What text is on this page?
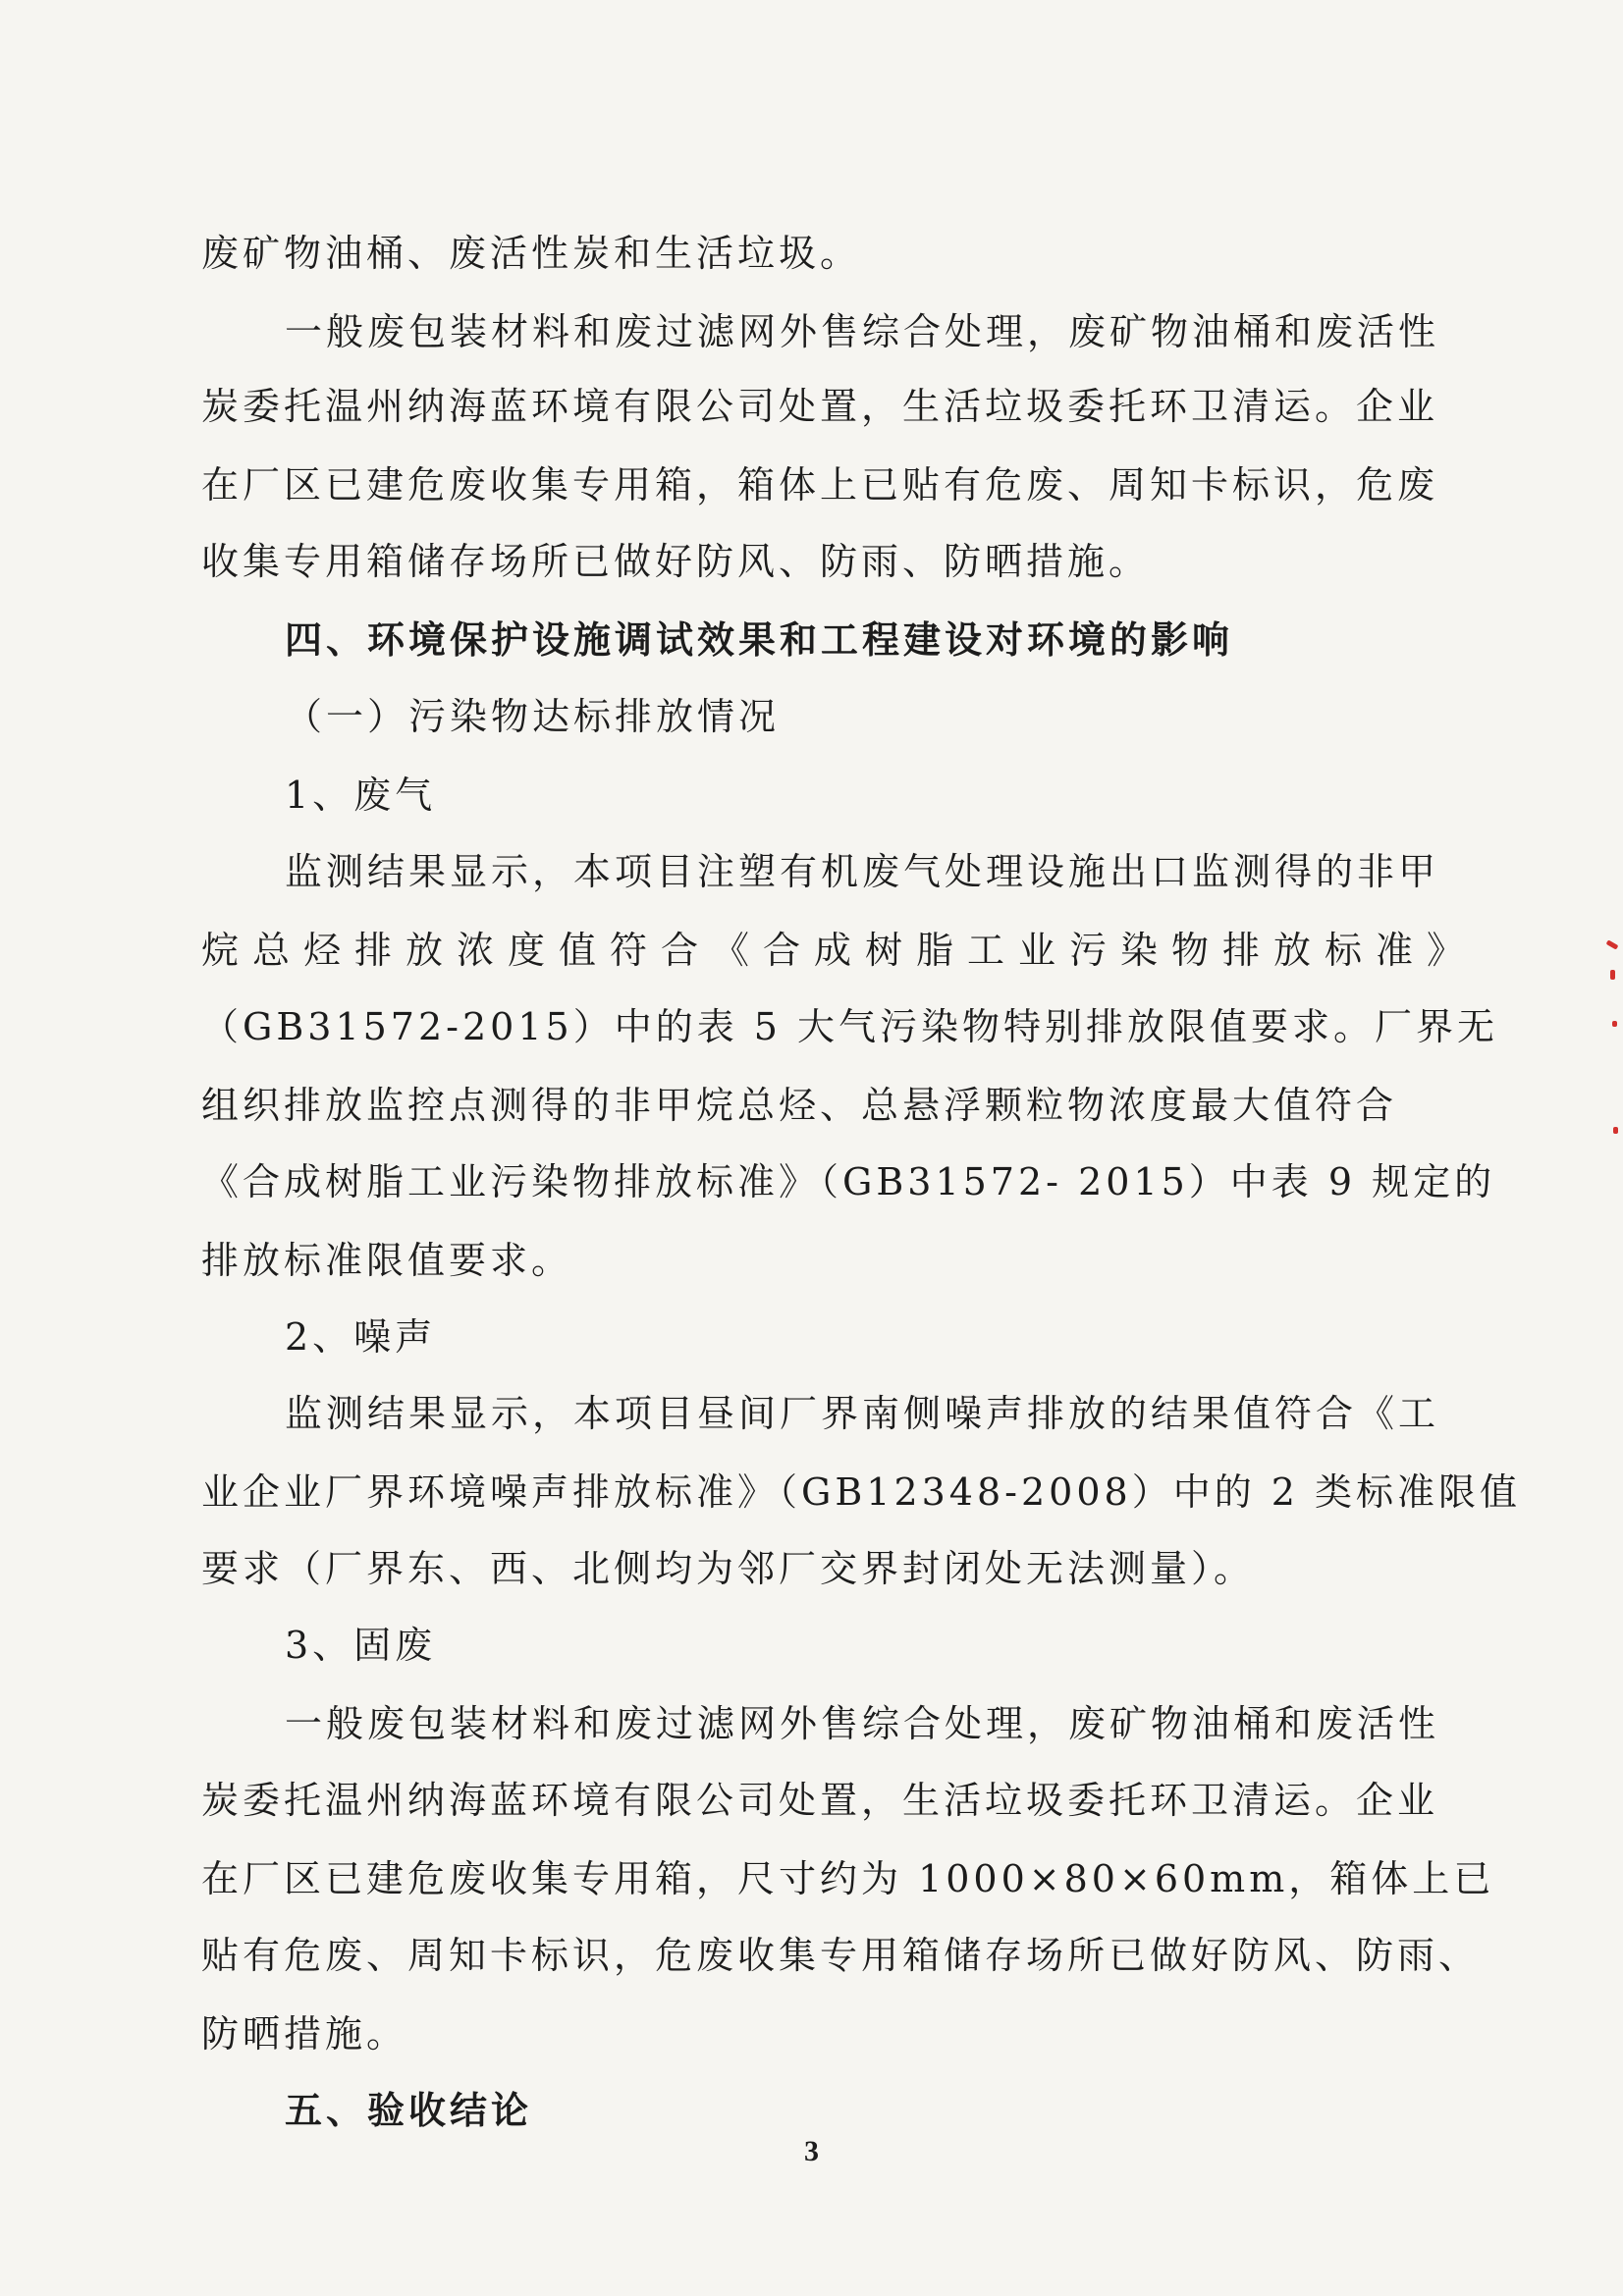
废矿物油桶、废活性炭和生活垃圾。
一般废包装材料和废过滤网外售综合处理，废矿物油桶和废活性
炭委托温州纳海蓝环境有限公司处置，生活垃圾委托环卫清运。企业
在厂区已建危废收集专用箱，箱体上已贴有危废、周知卡标识，危废
收集专用箱储存场所已做好防风、防雨、防晒措施。
四、环境保护设施调试效果和工程建设对环境的影响
（一）污染物达标排放情况
1、废气
监测结果显示，本项目注塑有机废气处理设施出口监测得的非甲
烷总烃排放浓度值符合《合成树脂工业污染物排放标准》
（GB31572-2015）中的表 5 大气污染物特别排放限值要求。厂界无
组织排放监控点测得的非甲烷总烃、总悬浮颗粒物浓度最大值符合
《合成树脂工业污染物排放标准》（GB31572- 2015）中表 9 规定的
排放标准限值要求。
2、噪声
监测结果显示，本项目昼间厂界南侧噪声排放的结果值符合《工
业企业厂界环境噪声排放标准》（GB12348-2008）中的 2 类标准限值
要求（厂界东、西、北侧均为邻厂交界封闭处无法测量）。
3、固废
一般废包装材料和废过滤网外售综合处理，废矿物油桶和废活性
炭委托温州纳海蓝环境有限公司处置，生活垃圾委托环卫清运。企业
在厂区已建危废收集专用箱，尺寸约为 1000×80×60mm，箱体上已
贴有危废、周知卡标识，危废收集专用箱储存场所已做好防风、防雨、
防晒措施。
五、验收结论
3
